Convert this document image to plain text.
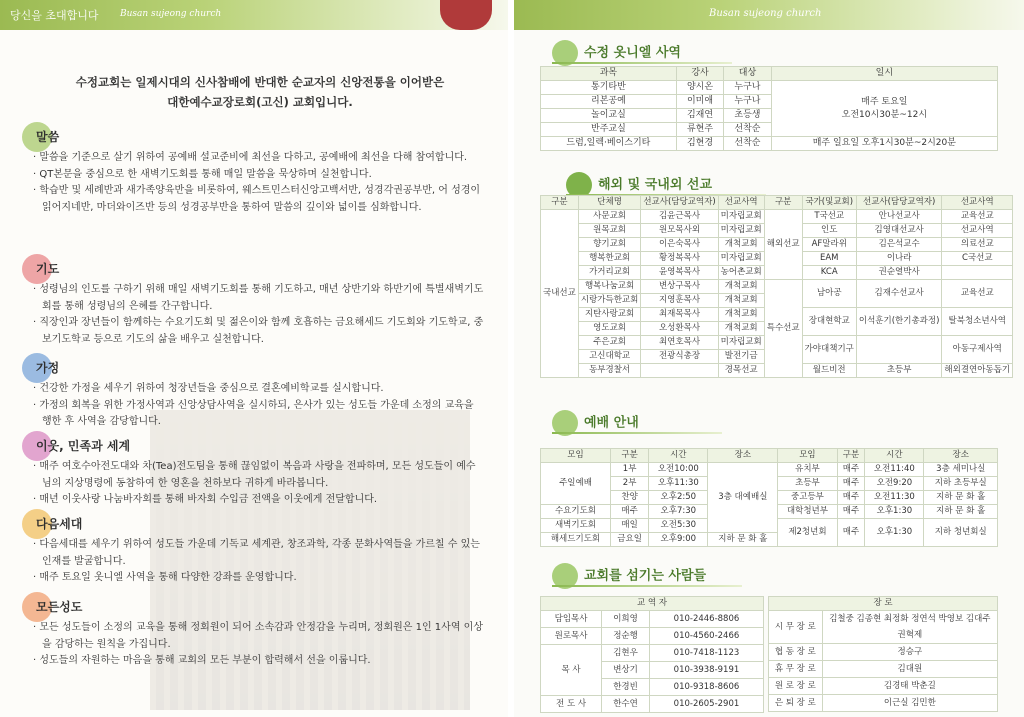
당신을 초대합니다 Busan sujeong church
수정교회는 일제시대의 신사참배에 반대한 순교자의 신앙전통을 이어받은
대한예수교장로회(고신) 교회입니다.
말씀
· 말씀을 기준으로 살기 위하여 공예배 설교준비에 최선을 다하고, 공예배에 최선을 다해 참여합니다.
· QT본문을 중심으로 한 새벽기도회를 통해 매일 말씀을 묵상하며 실천합니다.
· 학습반 및 세례반과 새가족양육반을 비롯하여, 웨스트민스터신앙고백서반, 성경각권공부반, 어 성경이 읽어지네반, 마더와이즈반 등의 성경공부반을 통하여 말씀의 깊이와 넓이를 심화합니다.
기도
· 성령님의 인도를 구하기 위해 매일 새벽기도회를 통해 기도하고, 매년 상반기와 하반기에 특별새벽기도회를 통해 성령님의 은혜를 간구합니다.
· 직장인과 장년들이 함께하는 수요기도회 및 젊은이와 함께 호흡하는 금요해세드 기도회와 기도학교, 중보기도학교 등으로 기도의 삶을 배우고 실천합니다.
가정
· 건강한 가정을 세우기 위하여 청장년들을 중심으로 결혼예비학교를 실시합니다.
· 가정의 회복을 위한 가정사역과 신앙상담사역을 실시하되, 은사가 있는 성도들 가운데 소정의 교육을 행한 후 사역을 감당합니다.
이웃, 민족과 세계
· 매주 여호수아전도대와 차(Tea)전도팀을 통해 끊임없이 복음과 사랑을 전파하며, 모든 성도들이 예수님의 지상명령에 동참하여 한 영혼을 천하보다 귀하게 바라봅니다.
· 매년 이웃사랑 나눔바자회를 통해 바자회 수입금 전액을 이웃에게 전달합니다.
다음세대
· 다음세대를 세우기 위하여 성도들 가운데 기독교 세계관, 창조과학, 각종 문화사역들을 가르칠 수 있는 인재를 발굴합니다.
· 매주 토요일 옷니엘 사역을 통해 다양한 강좌를 운영합니다.
모든성도
· 모든 성도들이 소정의 교육을 통해 정회원이 되어 소속감과 안정감을 누리며, 정회원은 1인 1사역 이상을 감당하는 원칙을 가집니다.
· 성도들의 자원하는 마음을 통해 교회의 모든 부분이 합력해서 선을 이룹니다.
Busan sujeong church
수정 옷니엘 사역
과목	강사	대상	일시
통기타반	양시온	누구나	매주 토요일
오전10시30분~12시

리본공예	이미애	누구나	
놀이교실	김재연	초등생	
반주교실	류현주	선착순	
드럼,일렉·베이스기타	김현경	선착순	매주 일요일 오후1시30분~2시20분
해외 및 국내외 선교
구분	단체명	선교사(담당교역자)	선교사역	구분	국가(및교회)	선교사(담당교역자)	선교사역
국내선교	사문교회	김윤근목사	미자립교회	해외선교	T국선교	안나선교사	교육선교
	원목교회	원모목사외	미자립교회		인도	김영대선교사	선교사역
	향기교회	이은숙목사	개척교회		AF말라위	김은석교수	의료선교
	행복한교회	황정복목사	미자립교회		EAM	이나라	C국선교
	가거리교회	윤영복목사	농어촌교회		KCA	권순열박사	
	행복나눔교회	변상구목사	개척교회	특수선교	남아공	김재수선교사	교육선교
	시랑가득한교회	지영훈목사	개척교회				
	지탄사랑교회	최재목목사	개척교회		장대현학교	이석훈기(한기총과정)	탈북청소년사역
	영도교회	오성환목사	개척교회				
	주은교회	최연호목사	미자립교회		가야대책기구		아동구제사역
	고신대학교	전광식총장	발전기금				
	동부경찰서		경목선교		월드비전	초등부	해외결연아동돕기
예배 안내
모임	구분	시간	장소	모임	구분	시간	장소
주일예배	1부	오전10:00	3층 대예배실	유치부	매주	오전11:40	3층 세미나실
	2부	오후11:30		초등부	매주	오전9:20	지하 초등부실
	찬양	오후2:50		중고등부	매주	오전11:30	지하 문 화 홀
수요기도회	매주	오후7:30		대학청년부	매주	오후1:30	지하 문 화 홀
새벽기도회	매일	오전5:30		제2청년회	매주	오후1:30	지하 청년회실
해세드기도회	금요일	오후9:00	지하 문 화 홀				
교회를 섬기는 사람들
교 역 자		
담임목사	이희영	010-2446-8806
원로목사	정순행	010-4560-2466
목 사	김현우	010-7418-1123
	변상기	010-3938-9191
	한경빈	010-9318-8606
전 도 사	한수연	010-2605-2901
장 로	
시 무 장 로	김철중 김종현 최정화 정연석 박영보 김대주 권혁제
협 동 장 로	정승구
휴 무 장 로	김대원
원 로 장 로	김경태 박춘길
은 퇴 장 로	이근실 김민한
